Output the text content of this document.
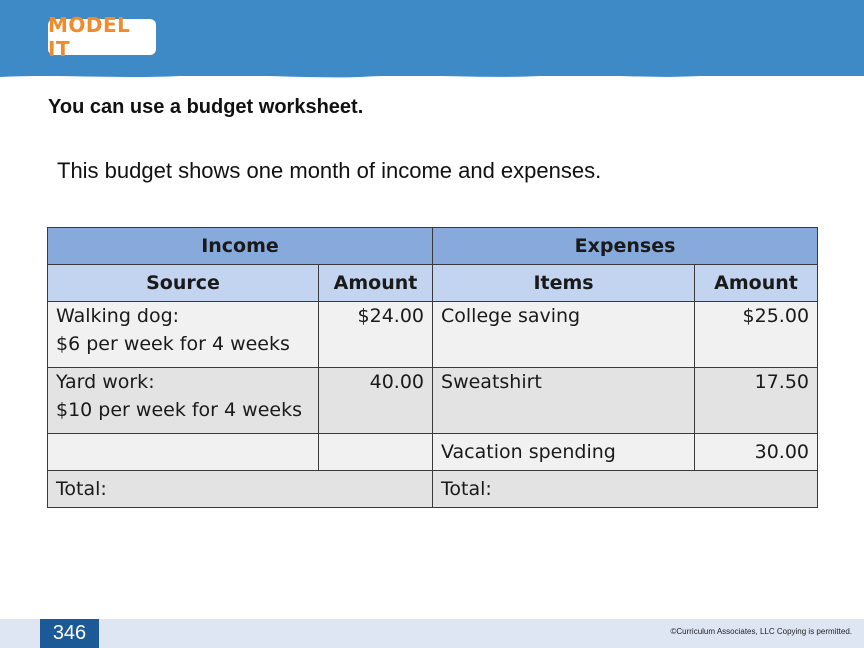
MODEL IT
You can use a budget worksheet.
This budget shows one month of income and expenses.
Income		Expenses	
Source	Amount	Items	Amount

Walking dog:
$6 per week for 4 weeks	$24.00	College saving	$25.00

Yard work:
$10 per week for 4 weeks	40.00	Sweatshirt	17.50
		Vacation spending	30.00
Total:		Total:	
346	©Curriculum Associates, LLC Copying is permitted.
